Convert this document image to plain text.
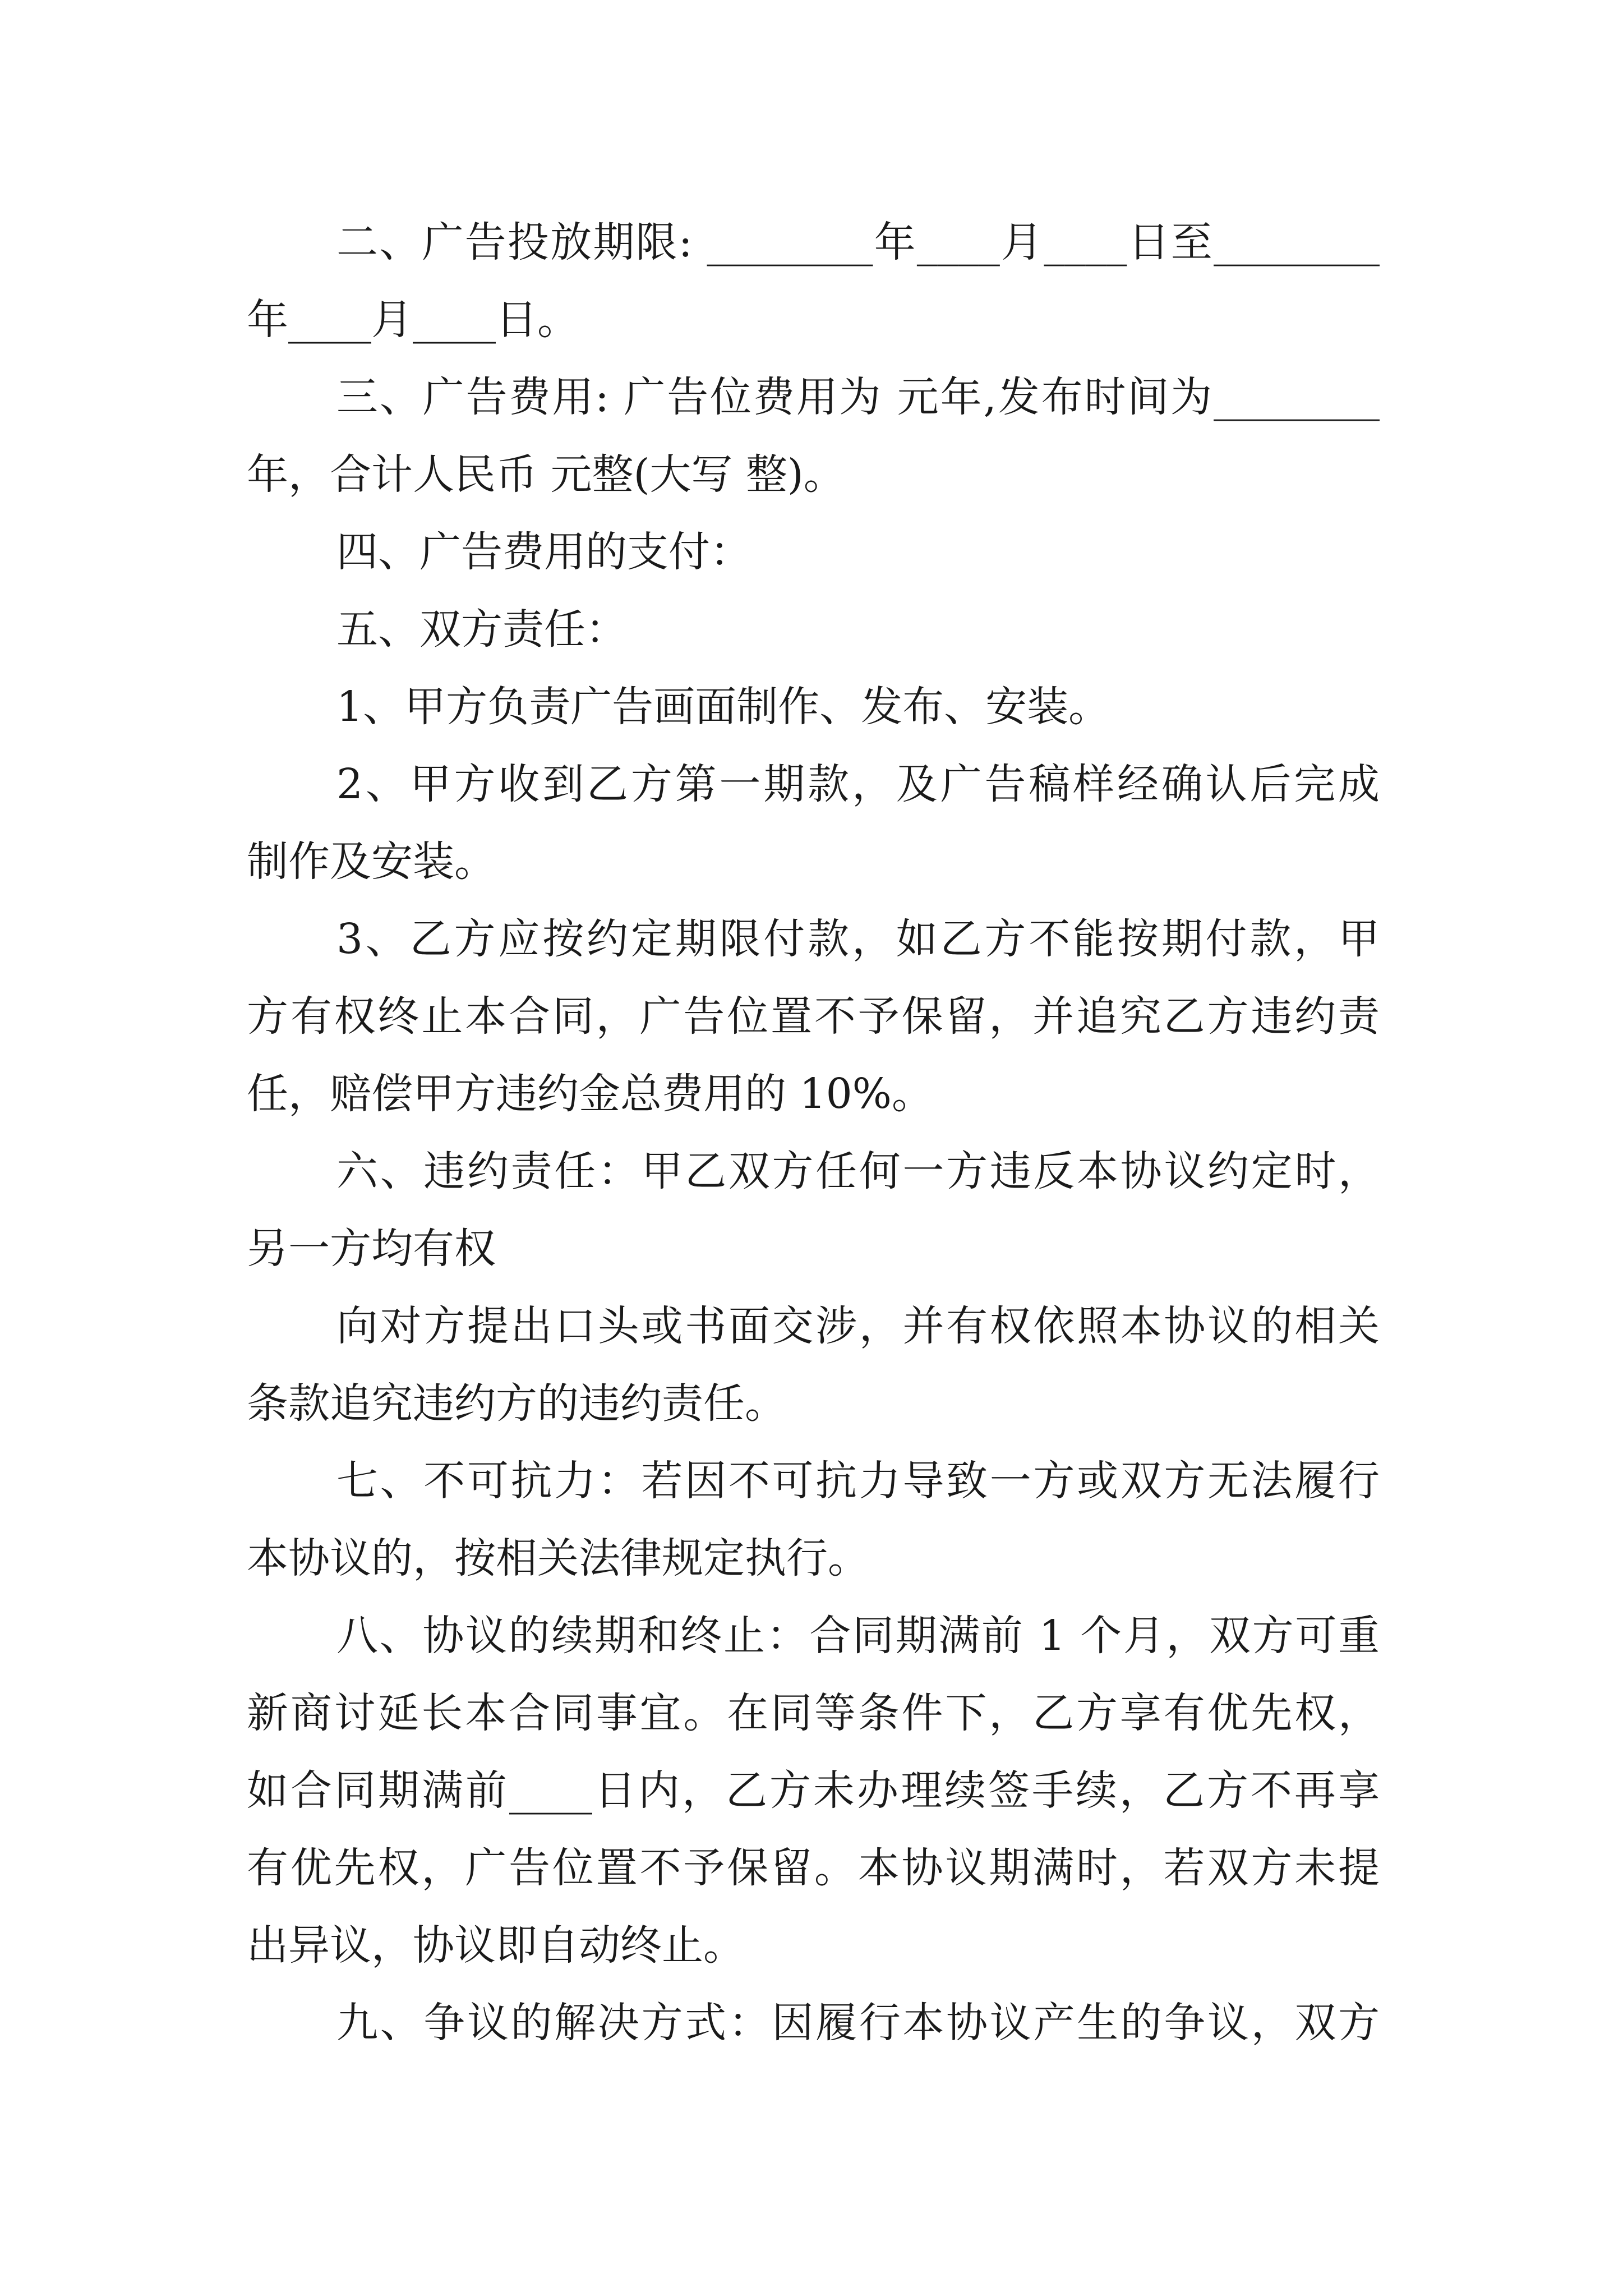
二、广告投放期限: ________年____月____日至________
年____月____日。
三、广告费用: 广告位费用为 元年,发布时间为________
年，合计人民币 元整(大写 整)。
四、广告费用的支付：
五、双方责任：
1、甲方负责广告画面制作、发布、安装。
2、甲方收到乙方第一期款，及广告稿样经确认后完成
制作及安装。
3、乙方应按约定期限付款，如乙方不能按期付款，甲
方有权终止本合同，广告位置不予保留，并追究乙方违约责
任，赔偿甲方违约金总费用的 10%。
六、违约责任：甲乙双方任何一方违反本协议约定时，
另一方均有权
向对方提出口头或书面交涉，并有权依照本协议的相关
条款追究违约方的违约责任。
七、不可抗力：若因不可抗力导致一方或双方无法履行
本协议的，按相关法律规定执行。
八、协议的续期和终止：合同期满前 1 个月，双方可重
新商讨延长本合同事宜。在同等条件下，乙方享有优先权，
如合同期满前____日内，乙方未办理续签手续，乙方不再享
有优先权，广告位置不予保留。本协议期满时，若双方未提
出异议，协议即自动终止。
九、争议的解决方式：因履行本协议产生的争议，双方
